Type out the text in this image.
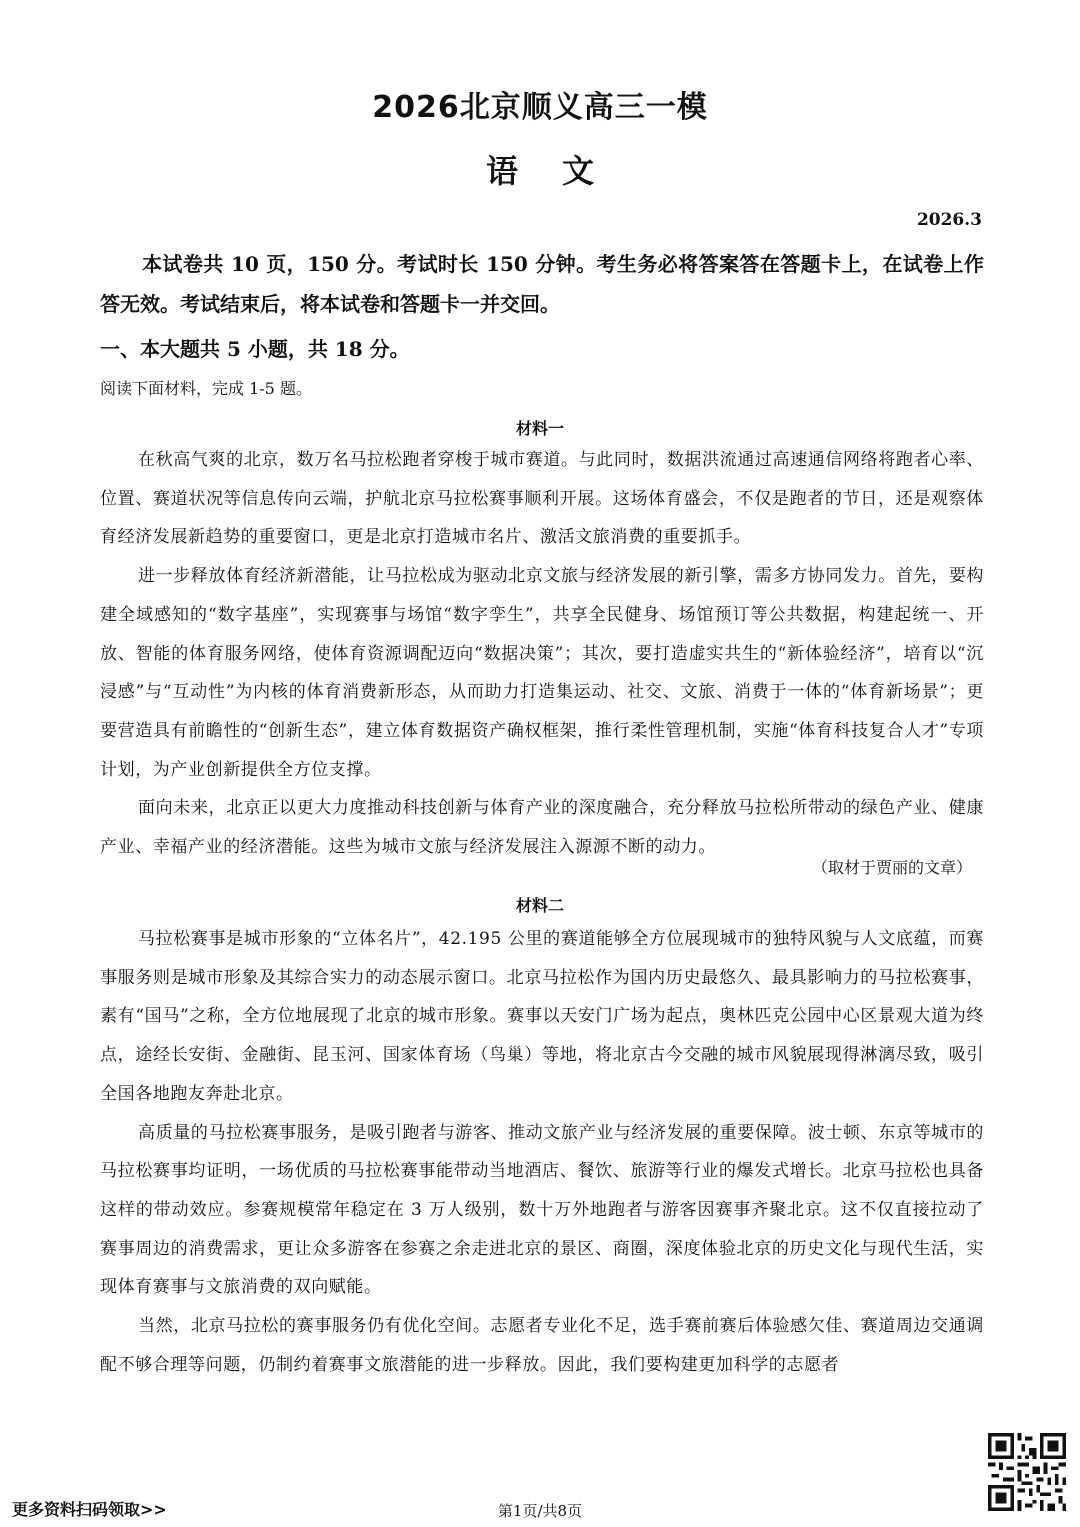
2026北京顺义高三一模
语文
2026.3
本试卷共 10 页，150 分。考试时长 150 分钟。考生务必将答案答在答题卡上，在试卷上作答无效。考试结束后，将本试卷和答题卡一并交回。
一、本大题共 5 小题，共 18 分。
阅读下面材料，完成 1-5 题。
材料一

在秋高气爽的北京，数万名马拉松跑者穿梭于城市赛道。与此同时，数据洪流通过高速通信网络将跑者心率、位置、赛道状况等信息传向云端，护航北京马拉松赛事顺利开展。这场体育盛会，不仅是跑者的节日，还是观察体育经济发展新趋势的重要窗口，更是北京打造城市名片、激活文旅消费的重要抓手。

进一步释放体育经济新潜能，让马拉松成为驱动北京文旅与经济发展的新引擎，需多方协同发力。首先，要构建全域感知的“数字基座”，实现赛事与场馆“数字孪生”，共享全民健身、场馆预订等公共数据，构建起统一、开放、智能的体育服务网络，使体育资源调配迈向“数据决策”；其次，要打造虚实共生的“新体验经济”，培育以“沉浸感”与“互动性”为内核的体育消费新形态，从而助力打造集运动、社交、文旅、消费于一体的“体育新场景”；更要营造具有前瞻性的“创新生态”，建立体育数据资产确权框架，推行柔性管理机制，实施“体育科技复合人才”专项计划，为产业创新提供全方位支撑。

面向未来，北京正以更大力度推动科技创新与体育产业的深度融合，充分释放马拉松所带动的绿色产业、健康产业、幸福产业的经济潜能。这些为城市文旅与经济发展注入源源不断的动力。

（取材于贾丽的文章）
材料二

马拉松赛事是城市形象的“立体名片”，42.195 公里的赛道能够全方位展现城市的独特风貌与人文底蕴，而赛事服务则是城市形象及其综合实力的动态展示窗口。北京马拉松作为国内历史最悠久、最具影响力的马拉松赛事，素有“国马”之称，全方位地展现了北京的城市形象。赛事以天安门广场为起点，奥林匹克公园中心区景观大道为终点，途经长安街、金融街、昆玉河、国家体育场（鸟巢）等地，将北京古今交融的城市风貌展现得淋漓尽致，吸引全国各地跑友奔赴北京。

高质量的马拉松赛事服务，是吸引跑者与游客、推动文旅产业与经济发展的重要保障。波士顿、东京等城市的马拉松赛事均证明，一场优质的马拉松赛事能带动当地酒店、餐饮、旅游等行业的爆发式增长。北京马拉松也具备这样的带动效应。参赛规模常年稳定在 3 万人级别，数十万外地跑者与游客因赛事齐聚北京。这不仅直接拉动了赛事周边的消费需求，更让众多游客在参赛之余走进北京的景区、商圈，深度体验北京的历史文化与现代生活，实现体育赛事与文旅消费的双向赋能。

当然，北京马拉松的赛事服务仍有优化空间。志愿者专业化不足，选手赛前赛后体验感欠佳、赛道周边交通调配不够合理等问题，仍制约着赛事文旅潜能的进一步释放。因此，我们要构建更加科学的志愿者

更多资料扫码领取>>	第1页/共8页
